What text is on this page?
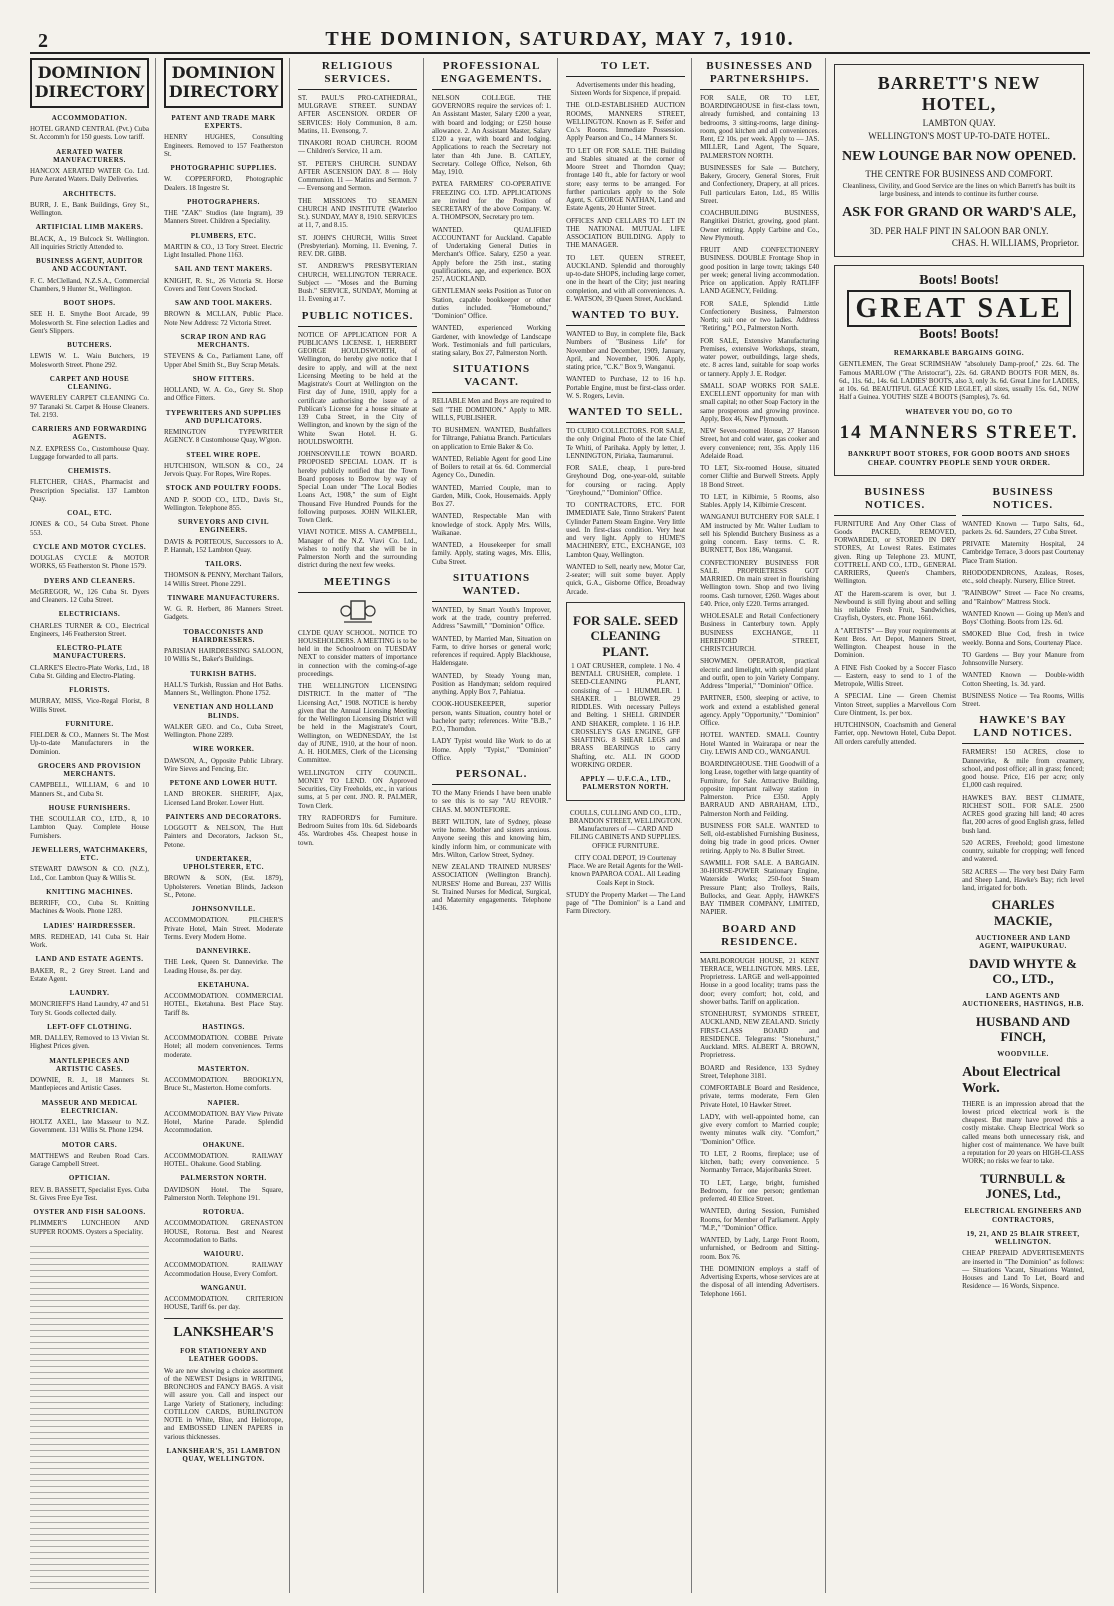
2	THE DOMINION, SATURDAY, MAY 7, 1910.
DOMINION DIRECTORY
ACCOMMODATION.

HOTEL GRAND CENTRAL (Pvt.) Cuba St. Accomm'n for 150 guests. Low tariff.

AERATED WATER MANUFACTURERS.

HANCOX AERATED WATER Co. Ltd. Pure Aerated Waters. Daily Deliveries.

ARCHITECTS.

BURR, J. E., Bank Buildings, Grey St., Wellington.

ARTIFICIAL LIMB MAKERS.

BLACK, A., 19 Bulcock St. Wellington. All inquiries Strictly Attended to.

BUSINESS AGENT, AUDITOR AND ACCOUNTANT.

F. C. McClelland, N.Z.S.A., Commercial Chambers, 9 Hunter St., Wellington.

BOOT SHOPS.

SEE H. E. Smythe Boot Arcade, 99 Molesworth St. Fine selection Ladies and Gent's Slippers.

BUTCHERS.

LEWIS W. L. Waiu Butchers, 19 Molesworth Street. Phone 292.

CARPET AND HOUSE CLEANING.

WAVERLEY CARPET CLEANING Co. 97 Taranaki St. Carpet & House Cleaners. Tel. 2193.

CARRIERS AND FORWARDING AGENTS.

N.Z. EXPRESS Co., Customhouse Quay. Luggage forwarded to all parts.

CHEMISTS.

FLETCHER, CHAS., Pharmacist and Prescription Specialist. 137 Lambton Quay.

COAL, ETC.

JONES & CO., 54 Cuba Street. Phone 553.

CYCLE AND MOTOR CYCLES.

DOUGLAS CYCLE & MOTOR WORKS, 65 Featherston St. Phone 1579.

DYERS AND CLEANERS.

McGREGOR, W., 126 Cuba St. Dyers and Cleaners. 12 Cuba Street.

ELECTRICIANS.

CHARLES TURNER & CO., Electrical Engineers, 146 Featherston Street.

ELECTRO-PLATE MANUFACTURERS.

CLARKE'S Electro-Plate Works, Ltd., 18 Cuba St. Gilding and Electro-Plating.

FLORISTS.

MURRAY, MISS, Vice-Regal Florist, 8 Willis Street.

FURNITURE.

FIELDER & CO., Manners St. The Most Up-to-date Manufacturers in the Dominion.

GROCERS AND PROVISION MERCHANTS.

CAMPBELL, WILLIAM, 6 and 10 Manners St., and Cuba St.

HOUSE FURNISHERS.

THE SCOULLAR CO., LTD., 8, 10 Lambton Quay. Complete House Furnishers.

JEWELLERS, WATCHMAKERS, ETC.

STEWART DAWSON & CO. (N.Z.), Ltd., Cor. Lambton Quay & Willis St.

KNITTING MACHINES.

BERRIFF, CO., Cuba St. Knitting Machines & Wools. Phone 1283.

LADIES' HAIRDRESSER.

MRS. REDHEAD, 141 Cuba St. Hair Work.

LAND AND ESTATE AGENTS.

BAKER, R., 2 Grey Street. Land and Estate Agent.

LAUNDRY.

MONCRIEFF'S Hand Laundry, 47 and 51 Tory St. Goods collected daily.

LEFT-OFF CLOTHING.

MR. DALLEY, Removed to 13 Vivian St. Highest Prices given.

MANTLEPIECES AND ARTISTIC CASES.

DOWNIE, R. J., 18 Manners St. Mantlepieces and Artistic Cases.

MASSEUR AND MEDICAL ELECTRICIAN.

HOLTZ AXEL, late Masseur to N.Z. Government. 131 Willis St. Phone 1294.

MOTOR CARS.

MATTHEWS and Reuben Road Cars. Garage Campbell Street.

OPTICIAN.

REV. B. BASSETT, Specialist Eyes. Cuba St. Gives Free Eye Test.

OYSTER AND FISH SALOONS.

PLIMMER'S LUNCHEON AND SUPPER ROOMS. Oysters a Speciality.

DOMINION DIRECTORY
PATENT AND TRADE MARK EXPERTS.

HENRY HUGHES, Consulting Engineers. Removed to 157 Featherston St.

PHOTOGRAPHIC SUPPLIES.

W. COPPERFORD, Photographic Dealers. 18 Ingestre St.

PHOTOGRAPHERS.

THE "ZAK" Studios (late Ingram), 39 Manners Street. Children a Speciality.

PLUMBERS, ETC.

MARTIN & CO., 13 Tory Street. Electric Light Installed. Phone 1163.

SAIL AND TENT MAKERS.

KNIGHT, R. St., 26 Victoria St. Horse Covers and Tent Covers Stocked.

SAW AND TOOL MAKERS.

BROWN & MCLLAN, Public Place. Note New Address: 72 Victoria Street.

SCRAP IRON AND RAG MERCHANTS.

STEVENS & Co., Parliament Lane, off Upper Abel Smith St., Buy Scrap Metals.

SHOW FITTERS.

HOLLAND, W. A. Co., Grey St. Shop and Office Fitters.

TYPEWRITERS AND SUPPLIES AND DUPLICATORS.

REMINGTON TYPEWRITER AGENCY. 8 Customhouse Quay, W'gton.

STEEL WIRE ROPE.

HUTCHISON, WILSON & CO., 24 Jervois Quay. For Ropes, Wire Ropes.

STOCK AND POULTRY FOODS.

AND P. SOOD CO., LTD., Davis St., Wellington. Telephone 855.

SURVEYORS AND CIVIL ENGINEERS.

DAVIS & PORTEOUS, Successors to A. P. Hannah, 152 Lambton Quay.

TAILORS.

THOMSON & PENNY, Merchant Tailors, 14 Willis Street. Phone 2291.

TINWARE MANUFACTURERS.

W. G. R. Herbert, 86 Manners Street. Gadgets.

TOBACCONISTS AND HAIRDRESSERS.

PARISIAN HAIRDRESSING SALOON, 10 Willis St., Baker's Buildings.

TURKISH BATHS.

HALL'S Turkish, Russian and Hot Baths. Manners St., Wellington. Phone 1752.

VENETIAN AND HOLLAND BLINDS.

WALKER GEO. and Co., Cuba Street, Wellington. Phone 2289.

WIRE WORKER.

DAWSON, A., Opposite Public Library. Wire Sieves and Fencing, Etc.

PETONE AND LOWER HUTT.

LAND BROKER. SHERIFF, Ajax, Licensed Land Broker. Lower Hutt.

PAINTERS AND DECORATORS.

LOGGOTT & NELSON, The Hutt Painters and Decorators, Jackson St., Petone.

UNDERTAKER, UPHOLSTERER, ETC.

BROWN & SON, (Est. 1879), Upholsterers. Venetian Blinds, Jackson St., Petone.

JOHNSONVILLE.

ACCOMMODATION. PILCHER'S Private Hotel, Main Street. Moderate Terms. Every Modern Home.

DANNEVIRKE.

THE Leek, Queen St. Dannevirke. The Leading House, 8s. per day.

EKETAHUNA.

ACCOMMODATION. COMMERCIAL HOTEL, Eketahuna. Best Place Stay. Tariff 8s.

HASTINGS.

ACCOMMODATION. COBBE Private Hotel; all modern conveniences. Terms moderate.

MASTERTON.

ACCOMMODATION. BROOKLYN, Bruce St., Masterton. Home comforts.

NAPIER.

ACCOMMODATION. BAY View Private Hotel, Marine Parade. Splendid Accommodation.

OHAKUNE.

ACCOMMODATION. RAILWAY HOTEL. Ohakune. Good Stabling.

PALMERSTON NORTH.

DAVIDSON Hotel. The Square, Palmerston North. Telephone 191.

ROTORUA.

ACCOMMODATION. GRENASTON HOUSE, Rotorua. Best and Nearest Accommodation to Baths.

WAIOURU.

ACCOMMODATION. RAILWAY Accommodation House, Every Comfort.

WANGANUI.

ACCOMMODATION. CRITERION HOUSE, Tariff 6s. per day.

LANKSHEAR'S
FOR STATIONERY AND LEATHER GOODS.

We are now showing a choice assortment of the NEWEST Designs in WRITING, BRONCHOS and FANCY BAGS. A visit will assure you. Call and inspect our Large Variety of Stationery, including: COTILLON CARDS, BURLINGTON NOTE in White, Blue, and Heliotrope, and EMBOSSED LINEN PAPERS in various thicknesses.

LANKSHEAR'S, 351 LAMBTON QUAY, WELLINGTON.
RELIGIOUS SERVICES.

ST. PAUL'S PRO-CATHEDRAL, MULGRAVE STREET. SUNDAY AFTER ASCENSION. ORDER OF SERVICES: Holy Communion, 8 a.m. Matins, 11. Evensong, 7.

TINAKORI ROAD CHURCH. ROOM — Children's Service, 11 a.m.

ST. PETER'S CHURCH. SUNDAY AFTER ASCENSION DAY. 8 — Holy Communion. 11 — Matins and Sermon. 7 — Evensong and Sermon.

THE MISSIONS TO SEAMEN CHURCH AND INSTITUTE (Waterloo St.). SUNDAY, MAY 8, 1910. SERVICES at 11, 7, and 8.15.

ST. JOHN'S CHURCH, Willis Street (Presbyterian). Morning, 11. Evening, 7. REV. DR. GIBB.

ST. ANDREW'S PRESBYTERIAN CHURCH, WELLINGTON TERRACE. Subject — "Moses and the Burning Bush." SERVICE, SUNDAY, Morning at 11. Evening at 7.

PUBLIC NOTICES.

NOTICE OF APPLICATION FOR A PUBLICAN'S LICENSE. I, HERBERT GEORGE HOULDSWORTH, of Wellington, do hereby give notice that I desire to apply, and will at the next Licensing Meeting to be held at the Magistrate's Court at Wellington on the First day of June, 1910, apply for a certificate authorising the issue of a Publican's License for a house situate at 139 Cuba Street, in the City of Wellington, and known by the sign of the White Swan Hotel. H. G. HOULDSWORTH.

JOHNSONVILLE TOWN BOARD. PROPOSED SPECIAL LOAN. IT is hereby publicly notified that the Town Board proposes to Borrow by way of Special Loan under "The Local Bodies Loans Act, 1908," the sum of Eight Thousand Five Hundred Pounds for the following purposes. JOHN WILKLER, Town Clerk.

VIAVI NOTICE. MISS A. CAMPBELL, Manager of the N.Z. Viavi Co. Ltd., wishes to notify that she will be in Palmerston North and the surrounding district during the next few weeks.

MEETINGS

CLYDE QUAY SCHOOL. NOTICE TO HOUSEHOLDERS. A MEETING is to be held in the Schoolroom on TUESDAY NEXT to consider matters of importance in connection with the coming-of-age proceedings.

THE WELLINGTON LICENSING DISTRICT. In the matter of "The Licensing Act," 1908. NOTICE is hereby given that the Annual Licensing Meeting for the Wellington Licensing District will be held in the Magistrate's Court, Wellington, on WEDNESDAY, the 1st day of JUNE, 1910, at the hour of noon. A. H. HOLMES, Clerk of the Licensing Committee.

WELLINGTON CITY COUNCIL. MONEY TO LEND. ON Approved Securities, City Freeholds, etc., in various sums, at 5 per cent. JNO. R. PALMER, Town Clerk.

TRY RADFORD'S for Furniture. Bedroom Suites from 10s. 6d. Sideboards 45s. Wardrobes 45s. Cheapest house in town.

PROFESSIONAL ENGAGEMENTS.

NELSON COLLEGE. THE GOVERNORS require the services of: 1. An Assistant Master, Salary £200 a year, with board and lodging; or £250 house allowance. 2. An Assistant Master, Salary £120 a year, with board and lodging. Applications to reach the Secretary not later than 4th June. B. CATLEY, Secretary. College Office, Nelson, 6th May, 1910.

PATEA FARMERS' CO-OPERATIVE FREEZING CO. LTD. APPLICATIONS are invited for the Position of SECRETARY of the above Company. W. A. THOMPSON, Secretary pro tem.

WANTED. QUALIFIED ACCOUNTANT for Auckland. Capable of Undertaking General Duties in Merchant's Office. Salary, £250 a year. Apply before the 25th inst., stating qualifications, age, and experience. BOX 257, AUCKLAND.

GENTLEMAN seeks Position as Tutor on Station, capable bookkeeper or other duties included. "Homebound," "Dominion" Office.

WANTED, experienced Working Gardener, with knowledge of Landscape Work. Testimonials and full particulars, stating salary, Box 27, Palmerston North.

SITUATIONS VACANT.

RELIABLE Men and Boys are required to Sell "THE DOMINION." Apply to MR. WILLS, PUBLISHER.

TO BUSHMEN. WANTED, Bushfallers for Tiltrange, Pahiatua Branch. Particulars on application to Ernie Baker & Co.

WANTED, Reliable Agent for good Line of Boilers to retail at 6s. 6d. Commercial Agency Co., Dunedin.

WANTED, Married Couple, man to Garden, Milk, Cook, Housemaids. Apply Box 27.

WANTED, Respectable Man with knowledge of stock. Apply Mrs. Wills, Waikanae.

WANTED, a Housekeeper for small family. Apply, stating wages, Mrs. Ellis, Cuba Street.

SITUATIONS WANTED.

WANTED, by Smart Youth's Improver, work at the trade, country preferred. Address "Sawmill," "Dominion" Office.

WANTED, by Married Man, Situation on Farm, to drive horses or general work; references if required. Apply Blackhouse, Haldensgate.

WANTED, by Steady Young man, Position as Handyman; seldom required anything. Apply Box 7, Pahiatua.

COOK-HOUSEKEEPER, superior person, wants Situation, country hotel or bachelor party; references. Write "B.B.," P.O., Thorndon.

LADY Typist would like Work to do at Home. Apply "Typist," "Dominion" Office.

PERSONAL.

TO the Many Friends I have been unable to see this is to say "AU REVOIR." CHAS. M. MONTEFIORE.

BERT WILTON, late of Sydney, please write home. Mother and sisters anxious. Anyone seeing this and knowing him, kindly inform him, or communicate with Mrs. Wilton, Carlow Street, Sydney.

NEW ZEALAND TRAINED NURSES' ASSOCIATION (Wellington Branch). NURSES' Home and Bureau, 237 Willis St. Trained Nurses for Medical, Surgical, and Maternity engagements. Telephone 1436.

TO LET.

Advertisements under this heading, Sixteen Words for Sixpence, if prepaid.

THE OLD-ESTABLISHED AUCTION ROOMS, MANNERS STREET, WELLINGTON. Known as F. Seifer and Co.'s Rooms. Immediate Possession. Apply Pearson and Co., 14 Manners St.

TO LET OR FOR SALE. THE Building and Stables situated at the corner of Moore Street and Thorndon Quay; frontage 140 ft., able for factory or wool store; easy terms to be arranged. For further particulars apply to the Sole Agent, S. GEORGE NATHAN, Land and Estate Agents, 20 Hunter Street.

OFFICES AND CELLARS TO LET IN THE NATIONAL MUTUAL LIFE ASSOCIATION BUILDING. Apply to THE MANAGER.

TO LET. QUEEN STREET, AUCKLAND. Splendid and thoroughly up-to-date SHOPS, including large corner, one in the heart of the City; just nearing completion, and with all conveniences. A. E. WATSON, 39 Queen Street, Auckland.

WANTED TO BUY.

WANTED to Buy, in complete file, Back Numbers of "Business Life" for November and December, 1909, January, April, and November, 1906. Apply, stating price, "C.K." Box 9, Wanganui.

WANTED to Purchase, 12 to 16 h.p. Portable Engine, must be first-class order. W. S. Rogers, Levin.

WANTED TO SELL.

TO CURIO COLLECTORS. FOR SALE, the only Original Photo of the late Chief Te Whiti, of Parihaka. Apply by letter, J. LENNINGTON, Piriaka, Taumarunui.

FOR SALE, cheap, 1 pure-bred Greyhound Dog, one-year-old, suitable for coursing or racing. Apply "Greyhound," "Dominion" Office.

TO CONTRACTORS, ETC. FOR IMMEDIATE Sale, Tinno Strakers' Patent Cylinder Pattern Steam Engine. Very little used. In first-class condition. Very heat and very light. Apply to HUME'S MACHINERY, ETC., EXCHANGE, 103 Lambton Quay, Wellington.

WANTED to Sell, nearly new, Motor Car, 2-seater; will suit some buyer. Apply quick, G.A., Gisborne Office, Broadway Arcade.

FOR SALE. SEED CLEANING PLANT.

1 OAT CRUSHER, complete. 1 No. 4 BENTALL CRUSHER, complete. 1 SEED-CLEANING PLANT, consisting of — 1 HUMMLER. 1 SHAKER. 1 BLOWER. 29 RIDDLES. With necessary Pulleys and Belting. 1 SHELL GRINDER AND SHAKER, complete. 1 16 H.P. CROSSLEY'S GAS ENGINE, GFF SHAFTING. 8 SHEAR LEGS and BRASS BEARINGS to carry Shafting, etc. ALL IN GOOD WORKING ORDER.

APPLY — U.F.C.A., LTD., PALMERSTON NORTH.

COULLS, CULLING AND CO., LTD., BRANDON STREET, WELLINGTON. Manufacturers of — CARD AND FILING CABINETS AND SUPPLIES. OFFICE FURNITURE.

CITY COAL DEPOT, 19 Courtenay Place. We are Retail Agents for the Well-known PAPAROA COAL. All Leading Coals Kept in Stock.

STUDY the Property Market — The Land page of "The Dominion" is a Land and Farm Directory.

BUSINESSES AND PARTNERSHIPS.

FOR SALE, OR TO LET, BOARDINGHOUSE in first-class town, already furnished, and containing 13 bedrooms, 3 sitting-rooms, large dining-room, good kitchen and all conveniences. Rent, £2 10s. per week. Apply to — JAS. MILLER, Land Agent, The Square, PALMERSTON NORTH.

BUSINESSES for Sale — Butchery, Bakery, Grocery, General Stores, Fruit and Confectionery, Drapery, at all prices. Full particulars Eaton, Ltd., 85 Willis Street.

COACHBUILDING BUSINESS, Rangitikei District, growing, good plant. Owner retiring. Apply Carbine and Co., New Plymouth.

FRUIT AND CONFECTIONERY BUSINESS. DOUBLE Frontage Shop in good position in large town; takings £40 per week; general living accommodation. Price on application. Apply RATLIFF LAND AGENCY, Feilding.

FOR SALE, Splendid Little Confectionery Business, Palmerston North; suit one or two ladies. Address "Retiring," P.O., Palmerston North.

FOR SALE, Extensive Manufacturing Premises, extensive Workshops, steam, water power, outbuildings, large sheds, etc. 8 acres land, suitable for soap works or tannery. Apply J. E. Rodger.

SMALL SOAP WORKS FOR SALE. EXCELLENT opportunity for man with small capital; no other Soap Factory in the same prosperous and growing province. Apply, Box 46, New Plymouth.

NEW Seven-roomed House, 27 Hanson Street, hot and cold water, gas cooker and every convenience; rent, 35s. Apply 116 Adelaide Road.

TO LET, Six-roomed House, situated corner Cliftie and Burwell Streets. Apply 18 Bond Street.

TO LET, in Kilbirnie, 5 Rooms, also Stables. Apply 14, Kilbirnie Crescent.

WANGANUI BUTCHERY FOR SALE. I AM instructed by Mr. Walter Ludlam to sell his Splendid Butchery Business as a going concern. Easy terms. C. R. BURNETT, Box 186, Wanganui.

CONFECTIONERY BUSINESS FOR SALE. PROPRIETRESS GOT MARRIED. On main street in flourishing Wellington town. Shop and two living rooms. Cash turnover, £260. Wages about £40. Price, only £220. Terms arranged.

WHOLESALE and Retail Confectionery Business in Canterbury town. Apply BUSINESS EXCHANGE, 11 HEREFORD STREET, CHRISTCHURCH.

SHOWMEN. OPERATOR, practical electric and limelight, with splendid plant and outfit, open to join Variety Company. Address "Imperial," "Dominion" Office.

PARTNER, £500, sleeping or active, to work and extend a established general agency. Apply "Opportunity," "Dominion" Office.

HOTEL WANTED. SMALL Country Hotel Wanted in Wairarapa or near the City. LEWIS AND CO., WANGANUI.

BOARDINGHOUSE. THE Goodwill of a long Lease, together with large quantity of Furniture, for Sale. Attractive Building, opposite important railway station in Palmerston. Price £350. Apply BARRAUD AND ABRAHAM, LTD., Palmerston North and Feilding.

BUSINESS FOR SALE. WANTED to Sell, old-established Furnishing Business, doing big trade in good prices. Owner retiring. Apply to No. 8 Buller Street.

SAWMILL FOR SALE. A BARGAIN. 30-HORSE-POWER Stationary Engine, Waterside Works; 250-foot Steam Pressure Plant; also Trolleys, Rails, Bullocks, and Gear. Apply, HAWKE'S BAY TIMBER COMPANY, LIMITED, NAPIER.

BOARD AND RESIDENCE.

MARLBOROUGH HOUSE, 21 KENT TERRACE, WELLINGTON. MRS. LEE, Proprietress. LARGE and well-appointed House in a good locality; trams pass the door; every comfort; hot, cold, and shower baths. Tariff on application.

STONEHURST, SYMONDS STREET, AUCKLAND, NEW ZEALAND. Strictly FIRST-CLASS BOARD and RESIDENCE. Telegrams: "Stonehurst," Auckland. MRS. ALBERT A. BROWN, Proprietress.

BOARD and Residence, 133 Sydney Street, Telephone 3181.

COMFORTABLE Board and Residence, private, terms moderate, Fern Glen Private Hotel, 10 Hawker Street.

LADY, with well-appointed home, can give every comfort to Married couple; twenty minutes walk city. "Comfort," "Dominion" Office.

TO LET, 2 Rooms, fireplace; use of kitchen, bath; every convenience. 5 Normanby Terrace, Majoribanks Street.

TO LET, Large, bright, furnished Bedroom, for one person; gentleman preferred. 40 Ellice Street.

WANTED, during Session, Furnished Rooms, for Member of Parliament. Apply "M.P.," "Dominion" Office.

WANTED, by Lady, Large Front Room, unfurnished, or Bedroom and Sitting-room. Box 76.

THE DOMINION employs a staff of Advertising Experts, whose services are at the disposal of all intending Advertisers. Telephone 1661.

BARRETT'S NEW HOTEL,
LAMBTON QUAY.
WELLINGTON'S MOST UP-TO-DATE HOTEL.
NEW LOUNGE BAR NOW OPENED.
THE CENTRE FOR BUSINESS AND COMFORT.

Cleanliness, Civility, and Good Service are the lines on which Barrett's has built its large business, and intends to continue its further course.

ASK FOR GRAND OR WARD'S ALE,
3D. PER HALF PINT IN SALOON BAR ONLY.
CHAS. H. WILLIAMS, Proprietor.
Boots! Boots! GREAT SALE Boots! Boots!
REMARKABLE BARGAINS GOING.

GENTLEMEN, The Great SCRIMSHAW "absolutely Damp-proof," 22s. 6d. The Famous MARLOW ("The Aristocrat"), 22s. 6d. GRAND BOOTS FOR MEN, 8s. 6d., 11s. 6d., 14s. 6d. LADIES' BOOTS, also 3, only 3s. 6d. Great Line for LADIES, at 10s. 6d. BEAUTIFUL GLACÉ KID LEGLET, all sizes, usually 15s. 6d., NOW Half a Guinea. YOUTHS' SIZE 4 BOOTS (Samples), 7s. 6d.

WHATEVER YOU DO, GO TO
14 MANNERS STREET.
BANKRUPT BOOT STORES, FOR GOOD BOOTS AND SHOES CHEAP. COUNTRY PEOPLE SEND YOUR ORDER.
BUSINESS NOTICES.

FURNITURE And Any Other Class of Goods PACKED, REMOVED, FORWARDED, or STORED IN DRY STORES, At Lowest Rates. Estimates given. Ring up Telephone 23. MUNT, COTTRELL AND CO., LTD., GENERAL CARRIERS, Queen's Chambers, Wellington.

AT the Harem-scarem is over, but J. Newbound is still flying about and selling his reliable Fresh Fruit, Sandwiches, Crayfish, Oysters, etc. Phone 1661.

A "ARTISTS" — Buy your requirements at Kent Bros. Art Depot, Manners Street, Wellington. Cheapest house in the Dominion.

A FINE Fish Cooked by a Soccer Fiasco — Eastern, easy to send to 1 of the Metropole, Willis Street.

A SPECIAL Line — Green Chemist Vinton Street, supplies a Marvellous Corn Cure Ointment, 1s. per box.

HUTCHINSON, Coachsmith and General Farrier, opp. Newtown Hotel, Cuba Depot. All orders carefully attended.

BUSINESS NOTICES.

WANTED Known — Turpo Salts, 6d., packets 2s. 6d. Saunders, 27 Cuba Street.

PRIVATE Maternity Hospital, 24 Cambridge Terrace, 3 doors past Courtenay Place Tram Station.

RHODODENDRONS, Azaleas, Roses, etc., sold cheaply. Nursery, Ellice Street.

"RAINBOW" Street — Face No creams, and "Rainbow" Mattress Stock.

WANTED Known — Going up Men's and Boys' Clothing. Boots from 12s. 6d.

SMOKED Blue Cod, fresh in twice weekly. Bonna and Sons, Courtenay Place.

TO Gardens — Buy your Manure from Johnsonville Nursery.

WANTED Known — Double-width Cotton Sheeting, 1s. 3d. yard.

BUSINESS Notice — Tea Rooms, Willis Street.

HAWKE'S BAY LAND NOTICES.

FARMERS! 150 ACRES, close to Dannevirke, & mile from creamery, school, and post office; all in grass; fenced; good house. Price, £16 per acre; only £1,000 cash required.

HAWKE'S BAY. BEST CLIMATE, RICHEST SOIL. FOR SALE. 2500 ACRES good grazing hill land; 40 acres flat, 200 acres of good English grass, felled bush land.

520 ACRES, Freehold; good limestone country, suitable for cropping; well fenced and watered.

582 ACRES — The very best Dairy Farm and Sheep Land, Hawke's Bay; rich level land, irrigated for both.

CHARLES MACKIE,
AUCTIONEER AND LAND AGENT, WAIPUKURAU.
DAVID WHYTE & CO., LTD.,
LAND AGENTS AND AUCTIONEERS, HASTINGS, H.B.
HUSBAND AND FINCH,
WOODVILLE.
About Electrical Work.

THERE is an impression abroad that the lowest priced electrical work is the cheapest. But many have proved this a costly mistake. Cheap Electrical Work so called means both unnecessary risk, and higher cost of maintenance. We have built a reputation for 20 years on HIGH-CLASS WORK; no risks we fear to take.

TURNBULL & JONES, Ltd.,
ELECTRICAL ENGINEERS AND CONTRACTORS,
19, 21, AND 25 BLAIR STREET, WELLINGTON.

CHEAP PREPAID ADVERTISEMENTS are inserted in "The Dominion" as follows: — Situations Vacant, Situations Wanted, Houses and Land To Let, Board and Residence — 16 Words, Sixpence.
